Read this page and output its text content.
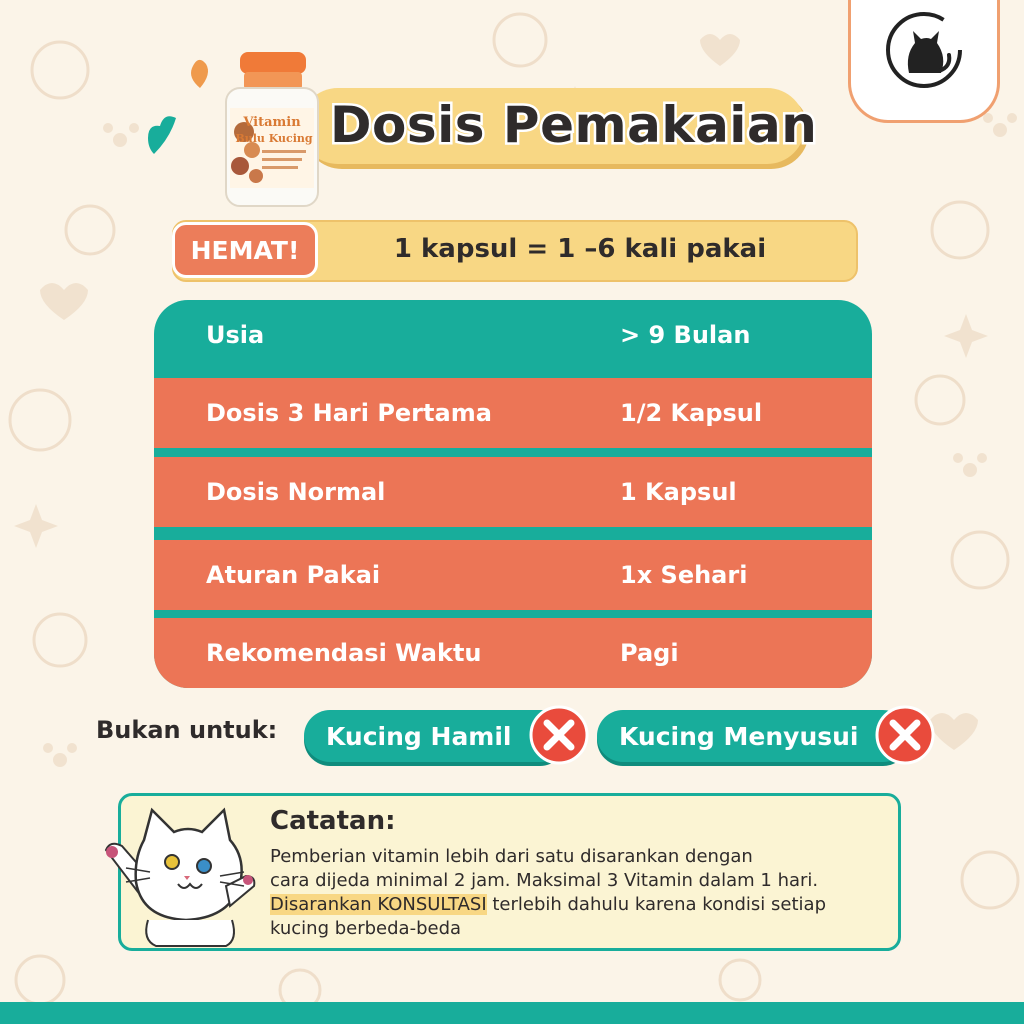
Dosis Pemakaian
Vitamin
Bulu Kucing
HEMAT!	1 kapsul = 1 –6 kali pakai
Usia	> 9 Bulan
Dosis 3 Hari Pertama	1/2 Kapsul
Dosis Normal	1 Kapsul
Aturan Pakai	1x Sehari
Rekomendasi Waktu	Pagi
Bukan untuk: Kucing Hamil	Kucing Menyusui
Catatan:
Pemberian vitamin lebih dari satu disarankan dengan
cara dijeda minimal 2 jam. Maksimal 3 Vitamin dalam 1 hari.
Disarankan KONSULTASI terlebih dahulu karena kondisi setiap
kucing berbeda-beda
